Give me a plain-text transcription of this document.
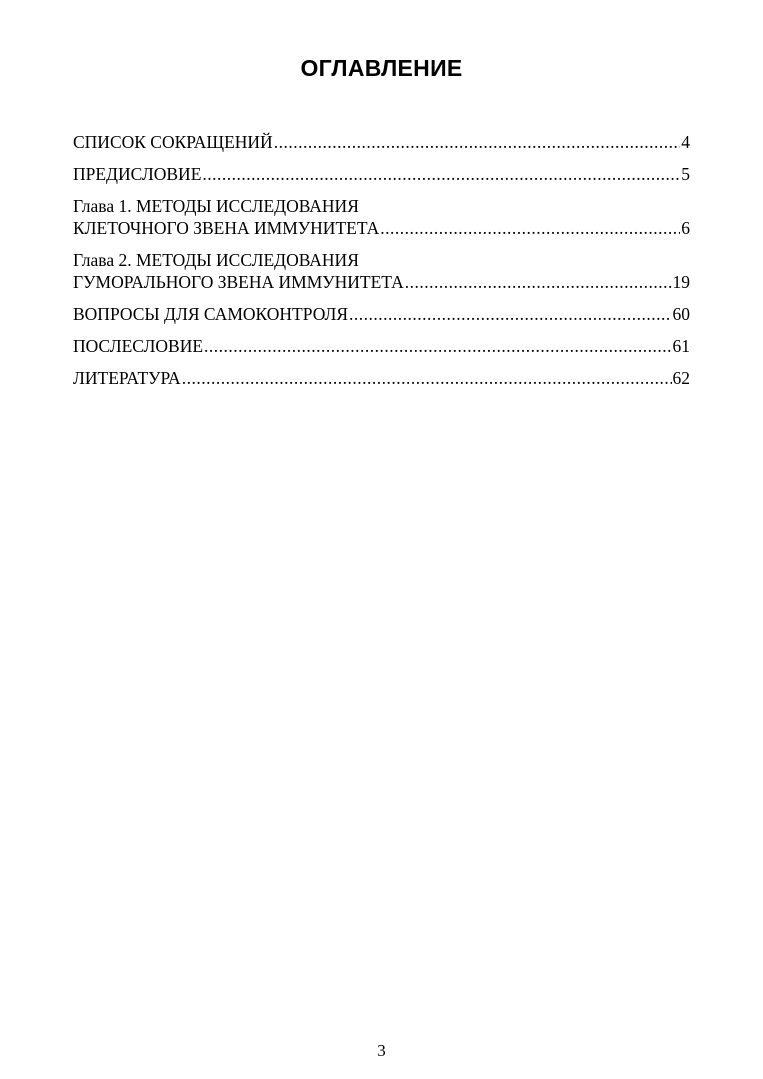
ОГЛАВЛЕНИЕ
СПИСОК СОКРАЩЕНИЙ .....	4
ПРЕДИСЛОВИЕ .....	5
Глава 1. МЕТОДЫ ИССЛЕДОВАНИЯ
КЛЕТОЧНОГО ЗВЕНА ИММУНИТЕТА .....	6
Глава 2. МЕТОДЫ ИССЛЕДОВАНИЯ
ГУМОРАЛЬНОГО ЗВЕНА ИММУНИТЕТА .....	19
ВОПРОСЫ ДЛЯ САМОКОНТРОЛЯ .....	60
ПОСЛЕСЛОВИЕ .....	61
ЛИТЕРАТУРА .....	62
3
